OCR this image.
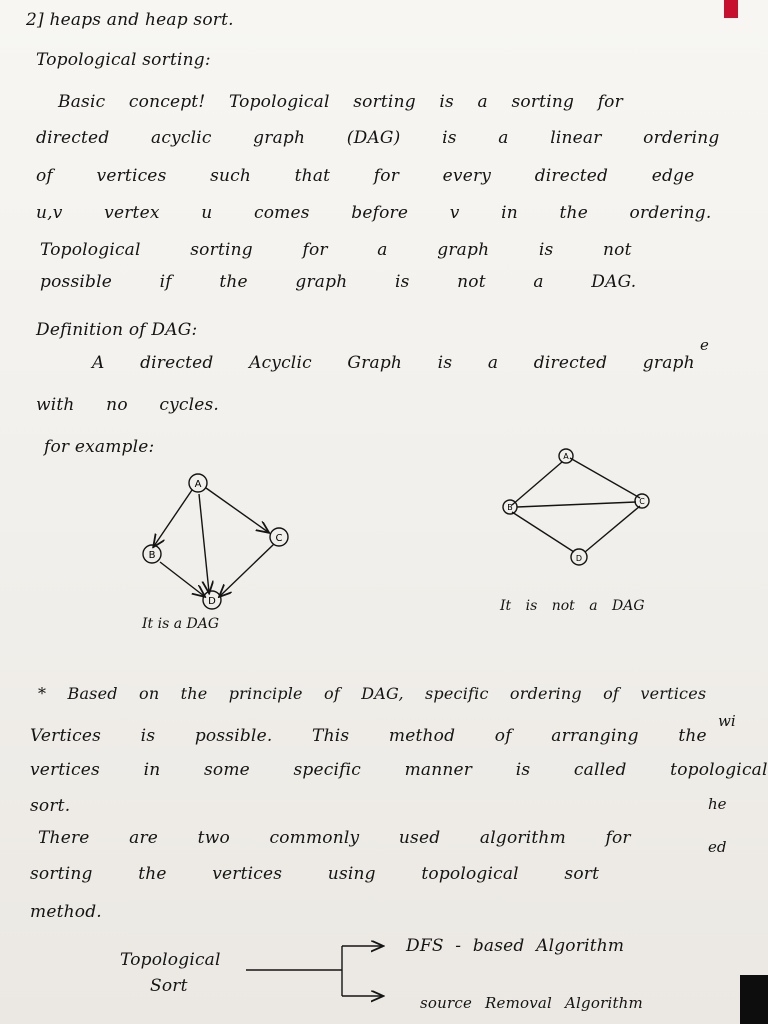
2] heaps and heap sort.
Topological sorting:
Basic concept! Topological sorting is a sorting for
directed acyclic graph (DAG) is a linear ordering
of vertices such that for every directed edge
u,v vertex u comes before v in the ordering.
Topological sorting for a graph is not
possible if the graph is not a DAG.
Definition of DAG:
A directed Acyclic Graph is a directed graph
with no cycles.
for example:
A
B
C
D
It is a DAG
A
B
C
D
It is not a DAG
* Based on the principle of DAG, specific ordering of vertices
Vertices is possible. This method of arranging the
vertices in some specific manner is called topological
sort.
There are two commonly used algorithm for
sorting the vertices using topological sort
method.
e
wi
he
ed
Topological
Sort
DFS - based Algorithm
source Removal Algorithm
